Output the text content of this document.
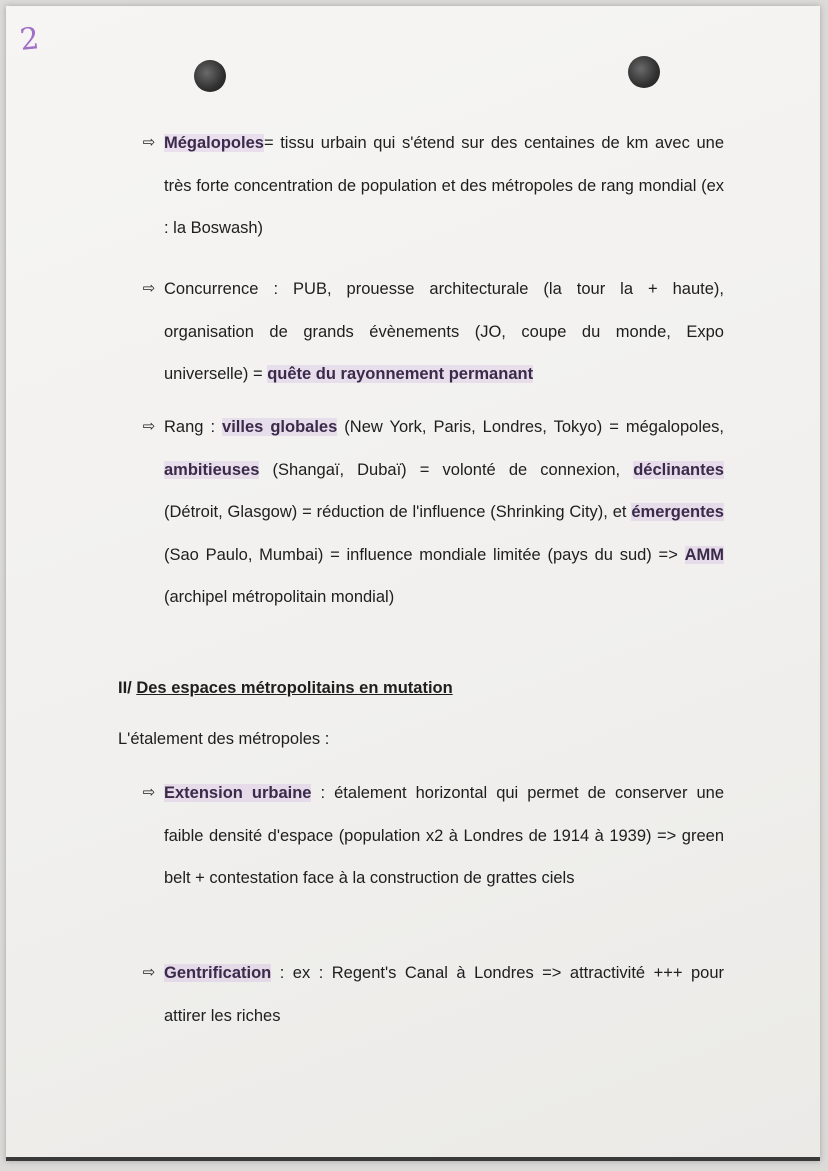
2
⇨ Mégalopoles= tissu urbain qui s'étend sur des centaines de km avec une très forte concentration de population et des métropoles de rang mondial (ex : la Boswash)
⇨ Concurrence : PUB, prouesse architecturale (la tour la + haute), organisation de grands évènements (JO, coupe du monde, Expo universelle) = quête du rayonnement permanant
⇨ Rang : villes globales (New York, Paris, Londres, Tokyo) = mégalopoles, ambitieuses (Shangaï, Dubaï) = volonté de connexion, déclinantes (Détroit, Glasgow) = réduction de l'influence (Shrinking City), et émergentes (Sao Paulo, Mumbai) = influence mondiale limitée (pays du sud) => AMM (archipel métropolitain mondial)
II/ Des espaces métropolitains en mutation
L'étalement des métropoles :
⇨ Extension urbaine : étalement horizontal qui permet de conserver une faible densité d'espace (population x2 à Londres de 1914 à 1939) => green belt + contestation face à la construction de grattes ciels
⇨ Gentrification : ex : Regent's Canal à Londres => attractivité +++ pour attirer les riches
